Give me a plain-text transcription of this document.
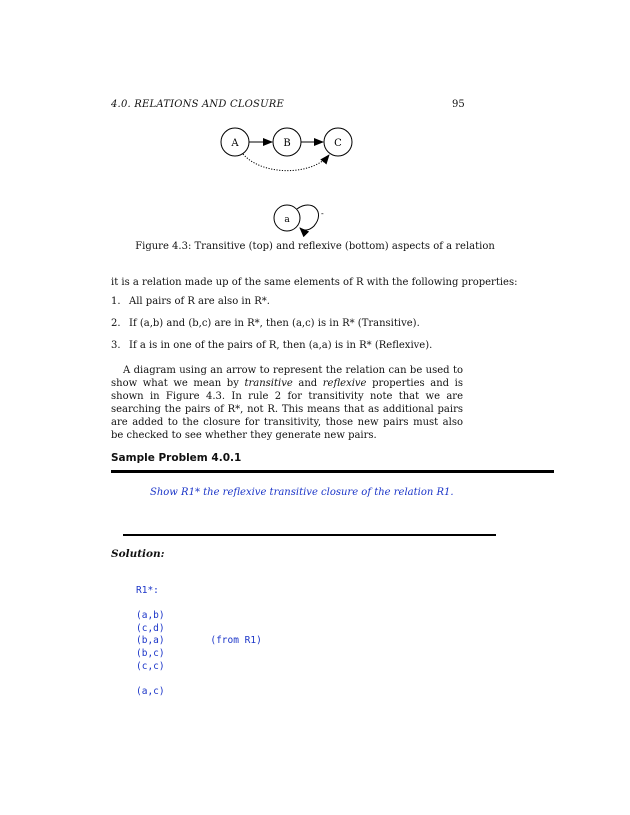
4.0. RELATIONS AND CLOSURE	95
A	B	C
a
-
Figure 4.3: Transitive (top) and reflexive (bottom) aspects of a relation
it is a relation made up of the same elements of R with the following properties:
1. All pairs of R are also in R*.
2. If (a,b) and (b,c) are in R*, then (a,c) is in R* (Transitive).
3. If a is in one of the pairs of R, then (a,a) is in R* (Reflexive).
A diagram using an arrow to represent the relation can be used to show what we mean by transitive and reflexive properties and is shown in Figure 4.3. In rule 2 for transitivity note that we are searching the pairs of R*, not R. This means that as additional pairs are added to the closure for transitivity, those new pairs must also be checked to see whether they generate new pairs.
Sample Problem 4.0.1
Show R1* the reflexive transitive closure of the relation R1.
Solution:
R1*:
(a,b)
(c,d)
(b,a)        (from R1)
(b,c)
(c,c)
(a,c)
